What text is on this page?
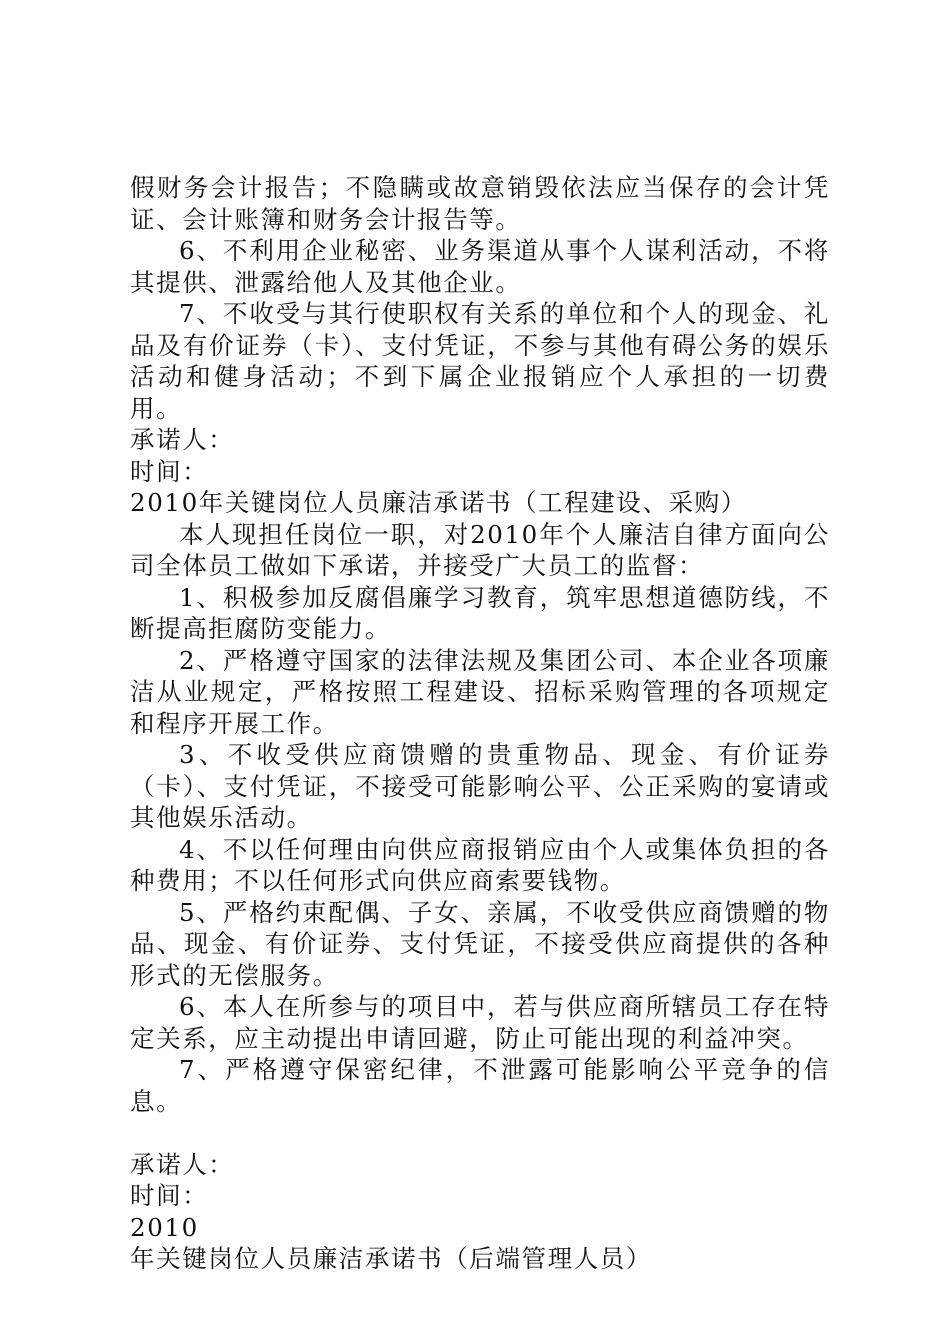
假财务会计报告；不隐瞒或故意销毁依法应当保存的会计凭证、会计账簿和财务会计报告等。

6、不利用企业秘密、业务渠道从事个人谋利活动，不将其提供、泄露给他人及其他企业。

7、不收受与其行使职权有关系的单位和个人的现金、礼品及有价证券（卡）、支付凭证，不参与其他有碍公务的娱乐活动和健身活动；不到下属企业报销应个人承担的一切费用。

承诺人：

时间：

2010年关键岗位人员廉洁承诺书（工程建设、采购）

本人现担任岗位一职，对2010年个人廉洁自律方面向公司全体员工做如下承诺，并接受广大员工的监督：

1、积极参加反腐倡廉学习教育，筑牢思想道德防线，不断提高拒腐防变能力。

2、严格遵守国家的法律法规及集团公司、本企业各项廉洁从业规定，严格按照工程建设、招标采购管理的各项规定和程序开展工作。

3、不收受供应商馈赠的贵重物品、现金、有价证券（卡）、支付凭证，不接受可能影响公平、公正采购的宴请或其他娱乐活动。

4、不以任何理由向供应商报销应由个人或集体负担的各种费用；不以任何形式向供应商索要钱物。

5、严格约束配偶、子女、亲属，不收受供应商馈赠的物品、现金、有价证券、支付凭证，不接受供应商提供的各种形式的无偿服务。

6、本人在所参与的项目中，若与供应商所辖员工存在特定关系，应主动提出申请回避，防止可能出现的利益冲突。

7、严格遵守保密纪律，不泄露可能影响公平竞争的信息。

承诺人：

时间：

2010

年关键岗位人员廉洁承诺书（后端管理人员）
